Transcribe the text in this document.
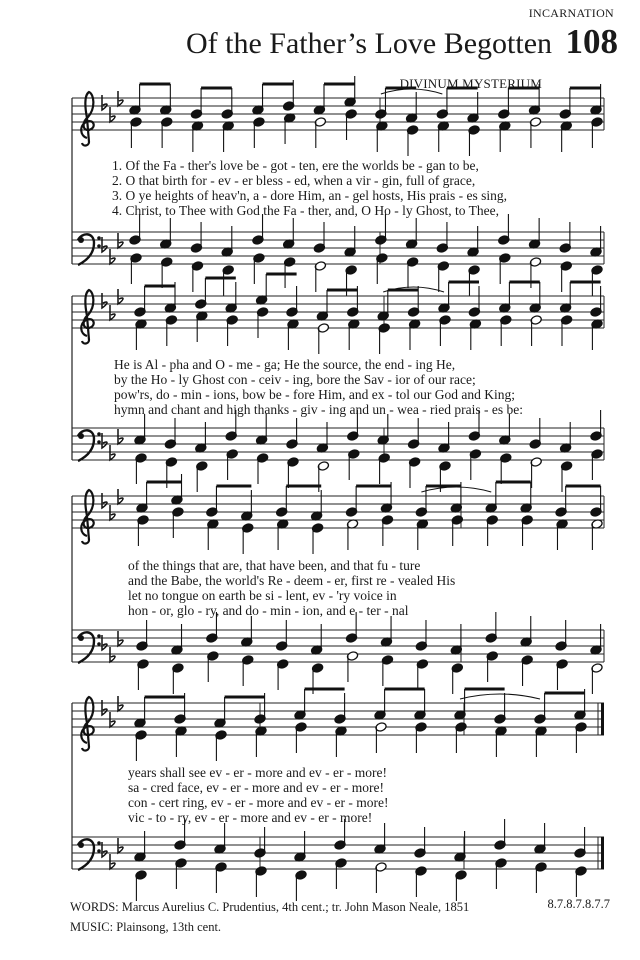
INCARNATION
Of the Father’s Love Begotten 108
DIVINUM MYSTERIUM
1. Of the Fa - ther's love be - got - ten, ere the worlds be - gan to be,
2. O that birth for - ev - er bless - ed, when a vir - gin, full of grace,
3. O ye heights of heav'n, a - dore Him, an - gel hosts, His prais - es sing,
4. Christ, to Thee with God the Fa - ther, and, O Ho - ly Ghost, to Thee,
He is Al - pha and O - me - ga; He the source, the end - ing He,
by the Ho - ly Ghost con - ceiv - ing, bore the Sav - ior of our race;
pow'rs, do - min - ions, bow be - fore Him, and ex - tol our God and King;
hymn and chant and high thanks - giv - ing and un - wea - ried prais - es be:
of the things that are, that have been, and that fu - ture
and the Babe, the world's Re - deem - er, first re - vealed His
let no tongue on earth be si - lent, ev - 'ry voice in
hon - or, glo - ry, and do - min - ion, and e - ter - nal
years shall see ev - er - more and ev - er - more!
sa - cred face, ev - er - more and ev - er - more!
con - cert ring, ev - er - more and ev - er - more!
vic - to - ry, ev - er - more and ev - er - more!
WORDS: Marcus Aurelius C. Prudentius, 4th cent.; tr. John Mason Neale, 1851
MUSIC: Plainsong, 13th cent.
8.7.8.7.8.7.7
